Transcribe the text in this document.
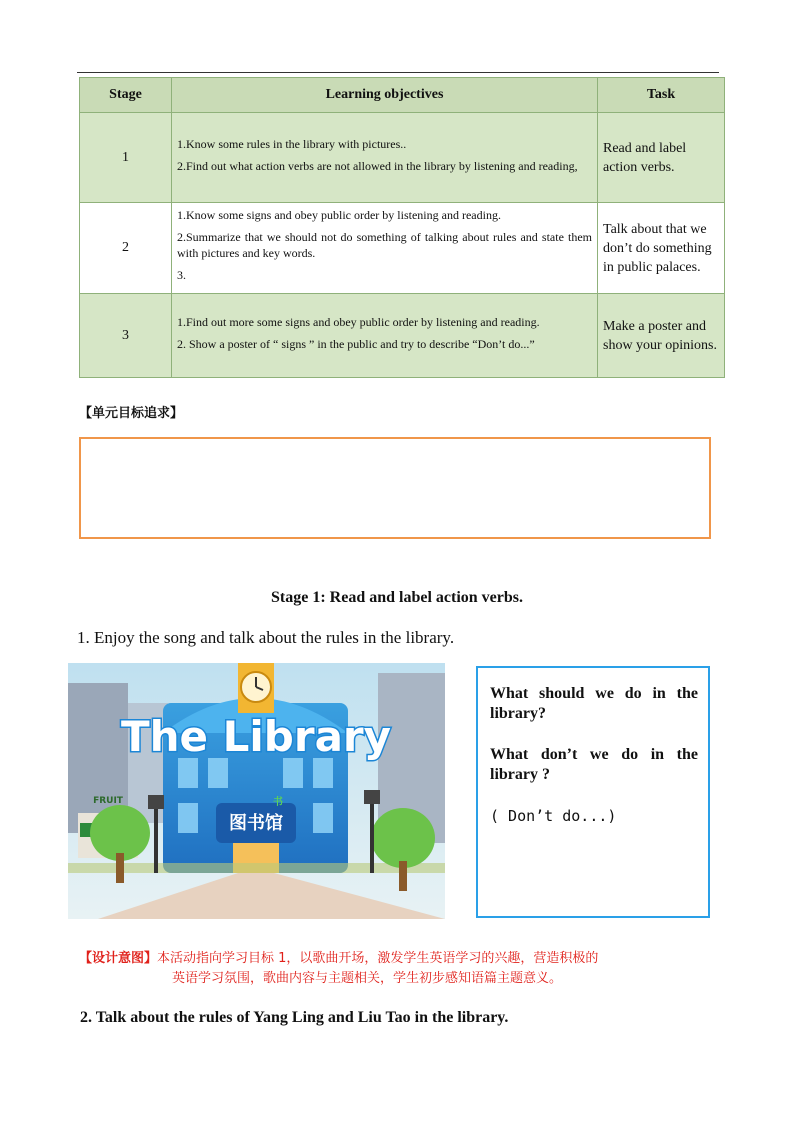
Stage	Learning objectives	Task
1	1.Know some rules in the library with pictures..

2.Find out what action verbs are not allowed in the library by listening and reading,	Read and label action verbs.
2	1.Know some signs and obey public order by listening and reading.

2.Summarize that we should not do something of talking about rules and state them with pictures and key words.

3.	Talk about that we don’t do something in public palaces.
3	1.Find out more some signs and obey public order by listening and reading.

2. Show a poster of “ signs ” in the public and try to describe “Don’t do...”	Make a poster and show your opinions.
【单元目标追求】
Stage 1: Read and label action verbs.
1. Enjoy the song and talk about the rules in the library.
图书馆
书
FRUIT
The Library

What should we do in the library?

What don’t we do in the library ?

( Don’t do...)

【设计意图】本活动指向学习目标 1，以歌曲开场，激发学生英语学习的兴趣，营造积极的
英语学习氛围，歌曲内容与主题相关，学生初步感知语篇主题意义。
2. Talk about the rules of Yang Ling and Liu Tao in the library.
